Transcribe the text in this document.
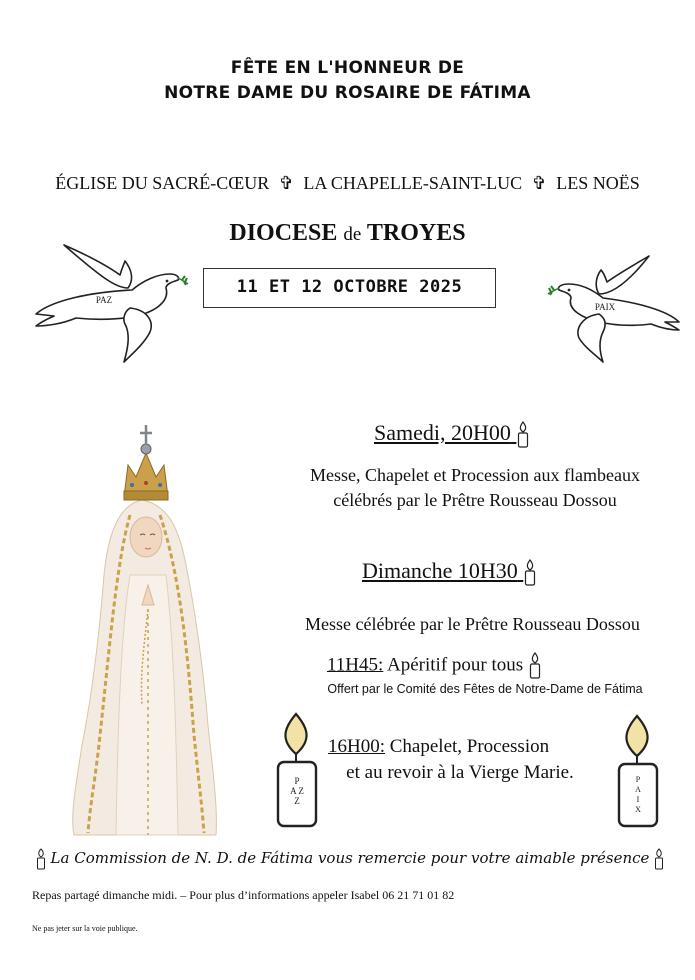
FÊTE EN L'HONNEUR DE
NOTRE DAME DU ROSAIRE DE FÁTIMA
ÉGLISE DU SACRÉ-CŒUR ✞ LA CHAPELLE-SAINT-LUC ✞ LES NOËS
DIOCESE de TROYES
11 ET 12 OCTOBRE 2025
PAZ
PAIX
Samedi, 20H00
Messe, Chapelet et Procession aux flambeaux
célébrés par le Prêtre Rousseau Dossou
Dimanche 10H30
Messe célébrée par le Prêtre Rousseau Dossou
11H45: Apéritif pour tous
Offert par le Comité des Fêtes de Notre-Dame de Fátima
P
A Z
Z
P
A
I
X
16H00: Chapelet, Procession
et au revoir à la Vierge Marie.
La Commission de N. D. de Fátima vous remercie pour votre aimable présence
Repas partagé dimanche midi. – Pour plus d’informations appeler Isabel 06 21 71 01 82
Ne pas jeter sur la voie publique.
